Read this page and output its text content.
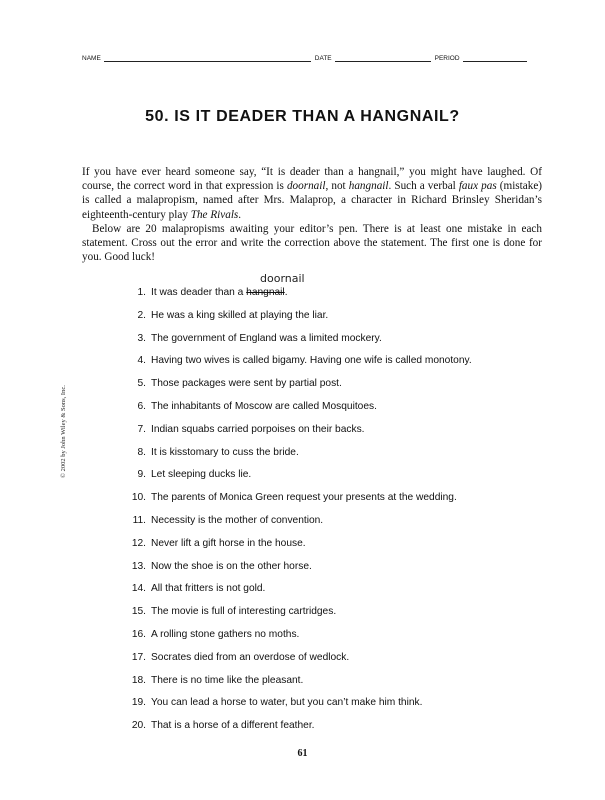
NAME	DATE	PERIOD
50. IS IT DEADER THAN A HANGNAIL?

If you have ever heard someone say, “It is deader than a hangnail,” you might have laughed. Of course, the correct word in that expression is doornail, not hangnail. Such a verbal faux pas (mistake) is called a malapropism, named after Mrs. Malaprop, a character in Richard Brinsley Sheridan’s eighteenth-century play The Rivals.

Below are 20 malapropisms awaiting your editor’s pen. There is at least one mistake in each statement. Cross out the error and write the correction above the statement. The first one is done for you. Good luck!

© 2002 by John Wiley & Sons, Inc.
doornail
1. It was deader than a hangnail.
2. He was a king skilled at playing the liar.
3. The government of England was a limited mockery.
4. Having two wives is called bigamy. Having one wife is called monotony.
5. Those packages were sent by partial post.
6. The inhabitants of Moscow are called Mosquitoes.
7. Indian squabs carried porpoises on their backs.
8. It is kisstomary to cuss the bride.
9. Let sleeping ducks lie.
10. The parents of Monica Green request your presents at the wedding.
11. Necessity is the mother of convention.
12. Never lift a gift horse in the house.
13. Now the shoe is on the other horse.
14. All that fritters is not gold.
15. The movie is full of interesting cartridges.
16. A rolling stone gathers no moths.
17. Socrates died from an overdose of wedlock.
18. There is no time like the pleasant.
19. You can lead a horse to water, but you can’t make him think.
20. That is a horse of a different feather.
61
